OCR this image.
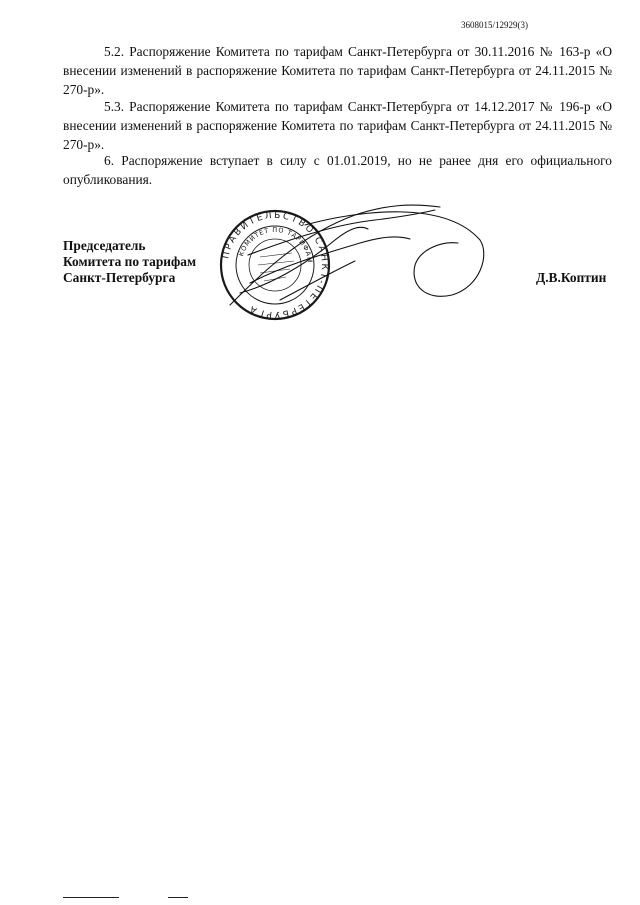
3608015/12929(3)

5.2. Распоряжение Комитета по тарифам Санкт-Петербурга от 30.11.2016 № 163-р «О внесении изменений в распоряжение Комитета по тарифам Санкт-Петербурга от 24.11.2015 № 270-р».

5.3. Распоряжение Комитета по тарифам Санкт-Петербурга от 14.12.2017 № 196-р «О внесении изменений в распоряжение Комитета по тарифам Санкт-Петербурга от 24.11.2015 № 270-р».

6. Распоряжение вступает в силу с 01.01.2019, но не ранее дня его официального опубликования.

Председатель
Комитета по тарифам
Санкт-Петербурга
ПРАВИТЕЛЬСТВО САНКТ-ПЕТЕРБУРГА
КОМИТЕТ ПО ТАРИФАМ
Д.В.Коптин
